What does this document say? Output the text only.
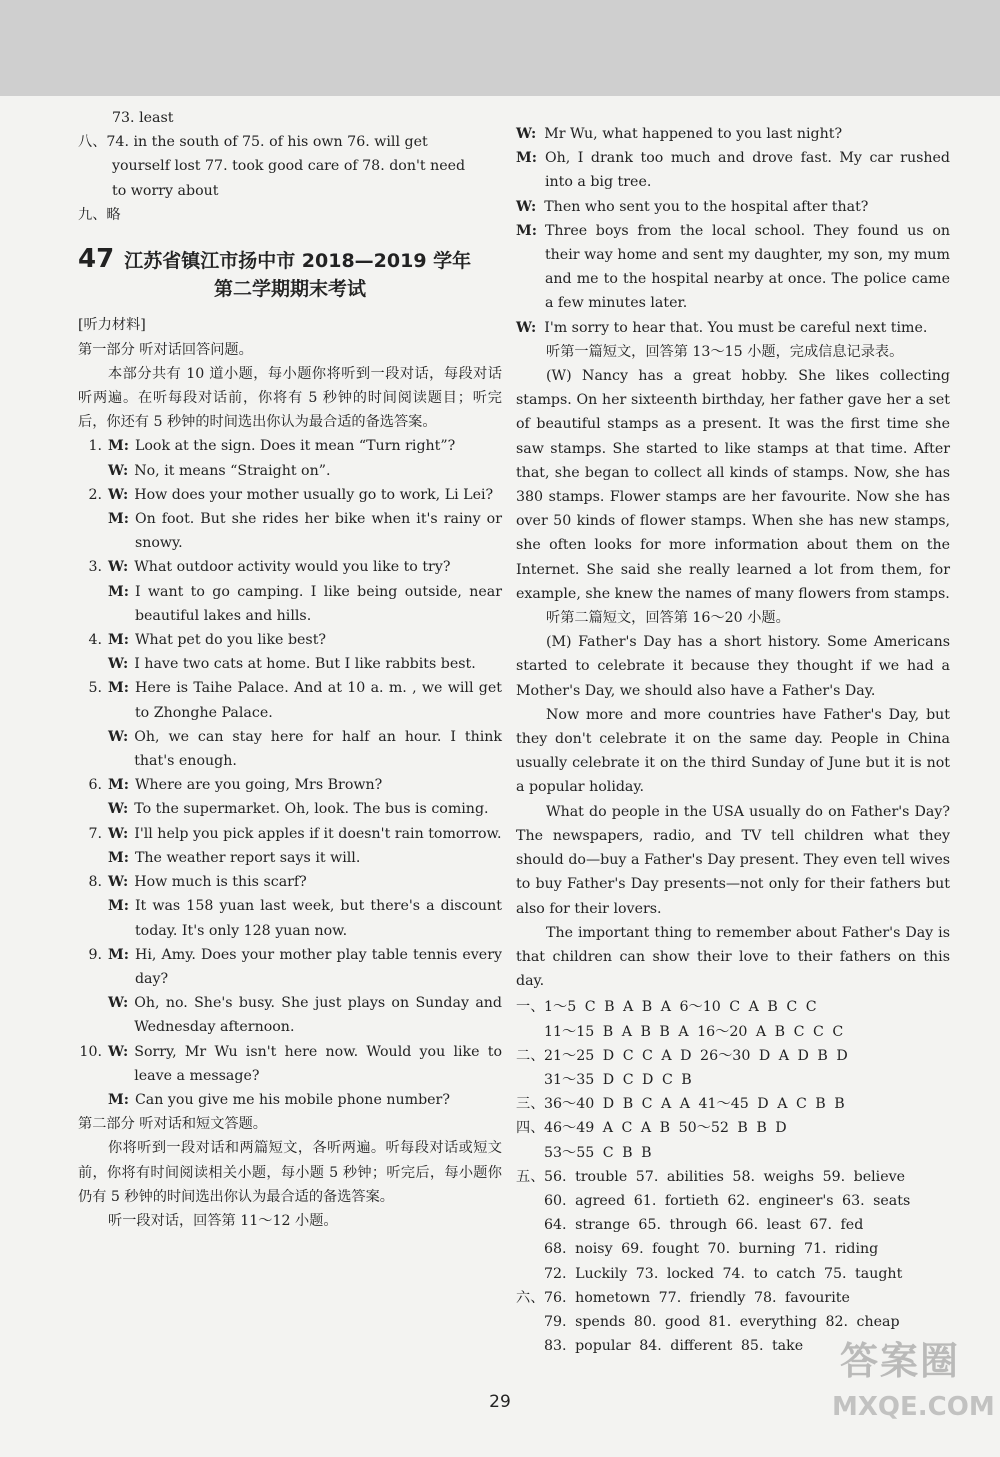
73. least
八、74. in the south of 75. of his own 76. will get
yourself lost 77. took good care of 78. don't need
to worry about
九、略
47 江苏省镇江市扬中市 2018—2019 学年
第二学期期末考试
[听力材料]
第一部分 听对话回答问题。
本部分共有 10 道小题，每小题你将听到一段对话，每段对话听两遍。在听每段对话前，你将有 5 秒钟的时间阅读题目；听完后，你还有 5 秒钟的时间选出你认为最合适的备选答案。
1. M: Look at the sign. Does it mean “Turn right”?
W: No, it means “Straight on”.
2. W: How does your mother usually go to work, Li Lei?
M: On foot. But she rides her bike when it's rainy or snowy.
3. W: What outdoor activity would you like to try?
M: I want to go camping. I like being outside, near beautiful lakes and hills.
4. M: What pet do you like best?
W: I have two cats at home. But I like rabbits best.
5. M: Here is Taihe Palace. And at 10 a. m. , we will get to Zhonghe Palace.
W: Oh, we can stay here for half an hour. I think that's enough.
6. M: Where are you going, Mrs Brown?
W: To the supermarket. Oh, look. The bus is coming.
7. W: I'll help you pick apples if it doesn't rain tomorrow.
M: The weather report says it will.
8. W: How much is this scarf?
M: It was 158 yuan last week, but there's a discount today. It's only 128 yuan now.
9. M: Hi, Amy. Does your mother play table tennis every day?
W: Oh, no. She's busy. She just plays on Sunday and Wednesday afternoon.
10. W: Sorry, Mr Wu isn't here now. Would you like to leave a message?
M: Can you give me his mobile phone number?
第二部分 听对话和短文答题。
你将听到一段对话和两篇短文，各听两遍。听每段对话或短文前，你将有时间阅读相关小题，每小题 5 秒钟；听完后，每小题你仍有 5 秒钟的时间选出你认为最合适的备选答案。
听一段对话，回答第 11～12 小题。
W: Mr Wu, what happened to you last night?
M: Oh, I drank too much and drove fast. My car rushed into a big tree.
W: Then who sent you to the hospital after that?
M: Three boys from the local school. They found us on their way home and sent my daughter, my son, my mum and me to the hospital nearby at once. The police came a few minutes later.
W: I'm sorry to hear that. You must be careful next time.
听第一篇短文，回答第 13～15 小题，完成信息记录表。
(W) Nancy has a great hobby. She likes collecting stamps. On her sixteenth birthday, her father gave her a set of beautiful stamps as a present. It was the first time she saw stamps. She started to like stamps at that time. After that, she began to collect all kinds of stamps. Now, she has 380 stamps. Flower stamps are her favourite. Now she has over 50 kinds of flower stamps. When she has new stamps, she often looks for more information about them on the Internet. She said she really learned a lot from them, for example, she knew the names of many flowers from stamps.
听第二篇短文，回答第 16～20 小题。
(M) Father's Day has a short history. Some Americans started to celebrate it because they thought if we had a Mother's Day, we should also have a Father's Day.
Now more and more countries have Father's Day, but they don't celebrate it on the same day. People in China usually celebrate it on the third Sunday of June but it is not a popular holiday.
What do people in the USA usually do on Father's Day? The newspapers, radio, and TV tell children what they should do—buy a Father's Day present. They even tell wives to buy Father's Day presents—not only for their fathers but also for their lovers.
The important thing to remember about Father's Day is that children can show their love to their fathers on this day.
一、 1～5 C B A B A 6～10 C A B C C
11～15 B A B B A 16～20 A B C C C
二、 21～25 D C C A D 26～30 D A D B D
31～35 D C D C B
三、 36～40 D B C A A 41～45 D A C B B
四、 46～49 A C A B 50～52 B B D
53～55 C B B
五、 56. trouble 57. abilities 58. weighs 59. believe
60. agreed 61. fortieth 62. engineer's 63. seats
64. strange 65. through 66. least 67. fed
68. noisy 69. fought 70. burning 71. riding
72. Luckily 73. locked 74. to catch 75. taught
六、 76. hometown 77. friendly 78. favourite
79. spends 80. good 81. everything 82. cheap
83. popular 84. different 85. take
29
答案圈
MXQE.COM
